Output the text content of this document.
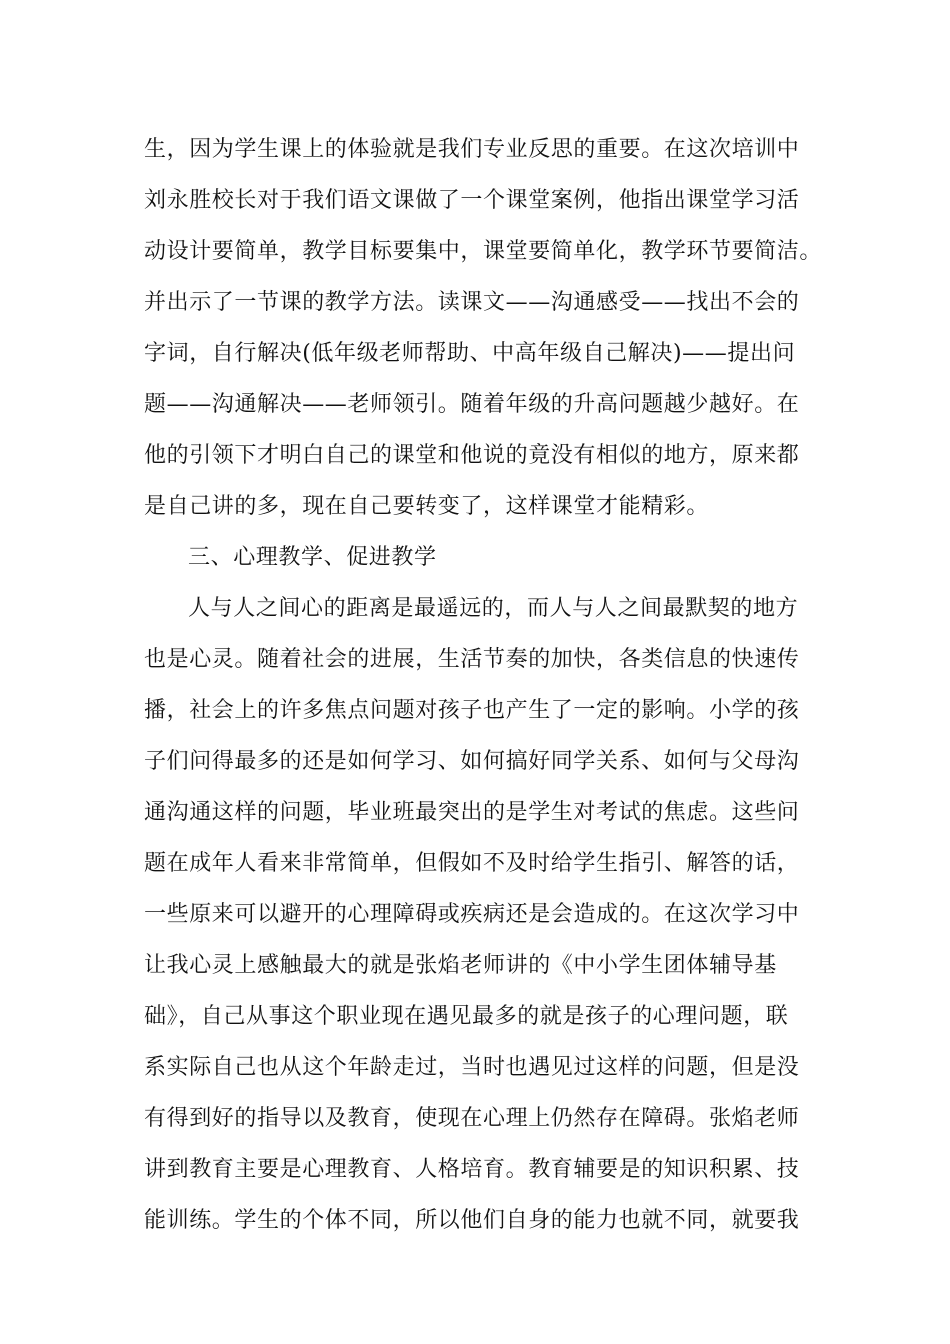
生，因为学生课上的体验就是我们专业反思的重要。在这次培训中
刘永胜校长对于我们语文课做了一个课堂案例，他指出课堂学习活
动设计要简单，教学目标要集中，课堂要简单化，教学环节要简洁。
并出示了一节课的教学方法。读课文——沟通感受——找出不会的
字词，自行解决(低年级老师帮助、中高年级自己解决)——提出问
题——沟通解决——老师领引。随着年级的升高问题越少越好。在
他的引领下才明白自己的课堂和他说的竟没有相似的地方，原来都
是自己讲的多，现在自己要转变了，这样课堂才能精彩。
三、心理教学、促进教学
人与人之间心的距离是最遥远的，而人与人之间最默契的地方
也是心灵。随着社会的进展，生活节奏的加快，各类信息的快速传
播，社会上的许多焦点问题对孩子也产生了一定的影响。小学的孩
子们问得最多的还是如何学习、如何搞好同学关系、如何与父母沟
通沟通这样的问题，毕业班最突出的是学生对考试的焦虑。这些问
题在成年人看来非常简单，但假如不及时给学生指引、解答的话，
一些原来可以避开的心理障碍或疾病还是会造成的。在这次学习中
让我心灵上感触最大的就是张焰老师讲的《中小学生团体辅导基
础》，自己从事这个职业现在遇见最多的就是孩子的心理问题，联
系实际自己也从这个年龄走过，当时也遇见过这样的问题，但是没
有得到好的指导以及教育，使现在心理上仍然存在障碍。张焰老师
讲到教育主要是心理教育、人格培育。教育辅要是的知识积累、技
能训练。学生的个体不同，所以他们自身的能力也就不同，就要我
